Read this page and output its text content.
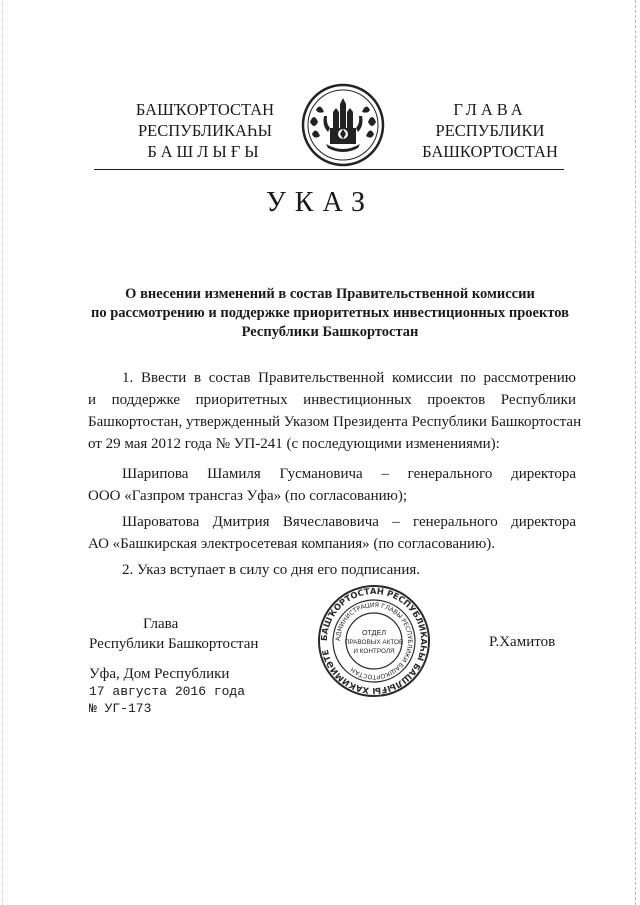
БАШҠОРТОСТАН
РЕСПУБЛИКАҺЫ
БАШЛЫҒЫ
ГЛАВА
РЕСПУБЛИКИ
БАШКОРТОСТАН
УКАЗ
О внесении изменений в состав Правительственной комиссии
по рассмотрению и поддержке приоритетных инвестиционных проектов
Республики Башкортостан
1. Ввести в состав Правительственной комиссии по рассмотрению
и поддержке приоритетных инвестиционных проектов Республики
Башкортостан, утвержденный Указом Президента Республики Башкортостан
от 29 мая 2012 года № УП-241 (с последующими изменениями):
Шарипова Шамиля Гусмановича – генерального директора
ООО «Газпром трансгаз Уфа» (по согласованию);
Шароватова Дмитрия Вячеславовича – генерального директора
АО «Башкирская электросетевая компания» (по согласованию).
2. Указ вступает в силу со дня его подписания.
Глава
Республики Башкортостан	Р.Хамитов
Уфа, Дом Республики
17 августа 2016 года
№ УГ-173
БАШҠОРТОСТАН РЕСПУБЛИКАҺЫ БАШЛЫҒЫ ХАКИМИӘТЕ
АДМИНИСТРАЦИЯ ГЛАВЫ РЕСПУБЛИКИ БАШКОРТОСТАН
ОТДЕЛ
ПРАВОВЫХ АКТОВ
И КОНТРОЛЯ
